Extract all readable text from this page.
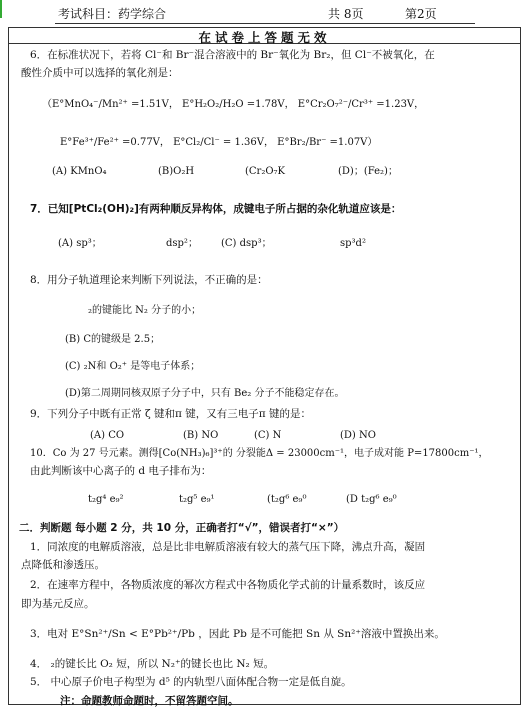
考试科目：药学综合	共 8页	第2页
在试卷上答题无效
6．在标准状况下，若将 Cl⁻和 Br⁻混合溶液中的 Br⁻氧化为 Br₂，但 Cl⁻不被氧化，在
酸性介质中可以选择的氧化剂是：
（E°MnO₄⁻/Mn²⁺ =1.51V， E°H₂O₂/H₂O =1.78V， E°Cr₂O₇²⁻/Cr³⁺ =1.23V，
E°Fe³⁺/Fe²⁺ =0.77V， E°Cl₂/Cl⁻ = 1.36V， E°Br₂/Br⁻ =1.07V）
(A) KMnO₄	(B)O₂H	(Cr₂O₇K	(D)；(Fe₂)；
7．已知[PtCl₂(OH)₂]有两种顺反异构体，成键电子所占据的杂化轨道应该是：
(A) sp³；	dsp²； (C) dsp³；	sp³d²
8．用分子轨道理论来判断下列说法，不正确的是：
₂的键能比 N₂ 分子的小；
(B) C的键级是 2.5；
(C) ₂N和 O₂⁺ 是等电子体系；
(D)第二周期同核双原子分子中，只有 Be₂ 分子不能稳定存在。
9．下列分子中既有正常 ζ 键和π 键，又有三电子π 键的是：
(A) CO	(B) NO	(C) N	(D) NO
10．Co 为 27 号元素。测得[Co(NH₃)₆]³⁺的 分裂能Δ = 23000cm⁻¹，电子成对能 P=17800cm⁻¹，
由此判断该中心离子的 d 电子排布为：
t₂g⁴ e₉²	t₂g⁵ e₉¹	(t₂g⁶ e₉⁰	(D t₂g⁶ e₉⁰
二．判断题 每小题 2 分，共 10 分，正确者打“√”，错误者打“×”）
1．同浓度的电解质溶液，总是比非电解质溶液有较大的蒸气压下降，沸点升高，凝固
点降低和渗透压。
2．在速率方程中，各物质浓度的幂次方程式中各物质化学式前的计量系数时，该反应
即为基元反应。
3．电对 E°Sn²⁺/Sn < E°Pb²⁺/Pb ，因此 Pb 是不可能把 Sn 从 Sn²⁺溶液中置换出来。
4． ₂的键长比 O₂ 短，所以 N₂⁺的键长也比 N₂ 短。
5． 中心原子价电子构型为 d⁵ 的内轨型八面体配合物一定是低自旋。
注：命题教师命题时，不留答题空间。
